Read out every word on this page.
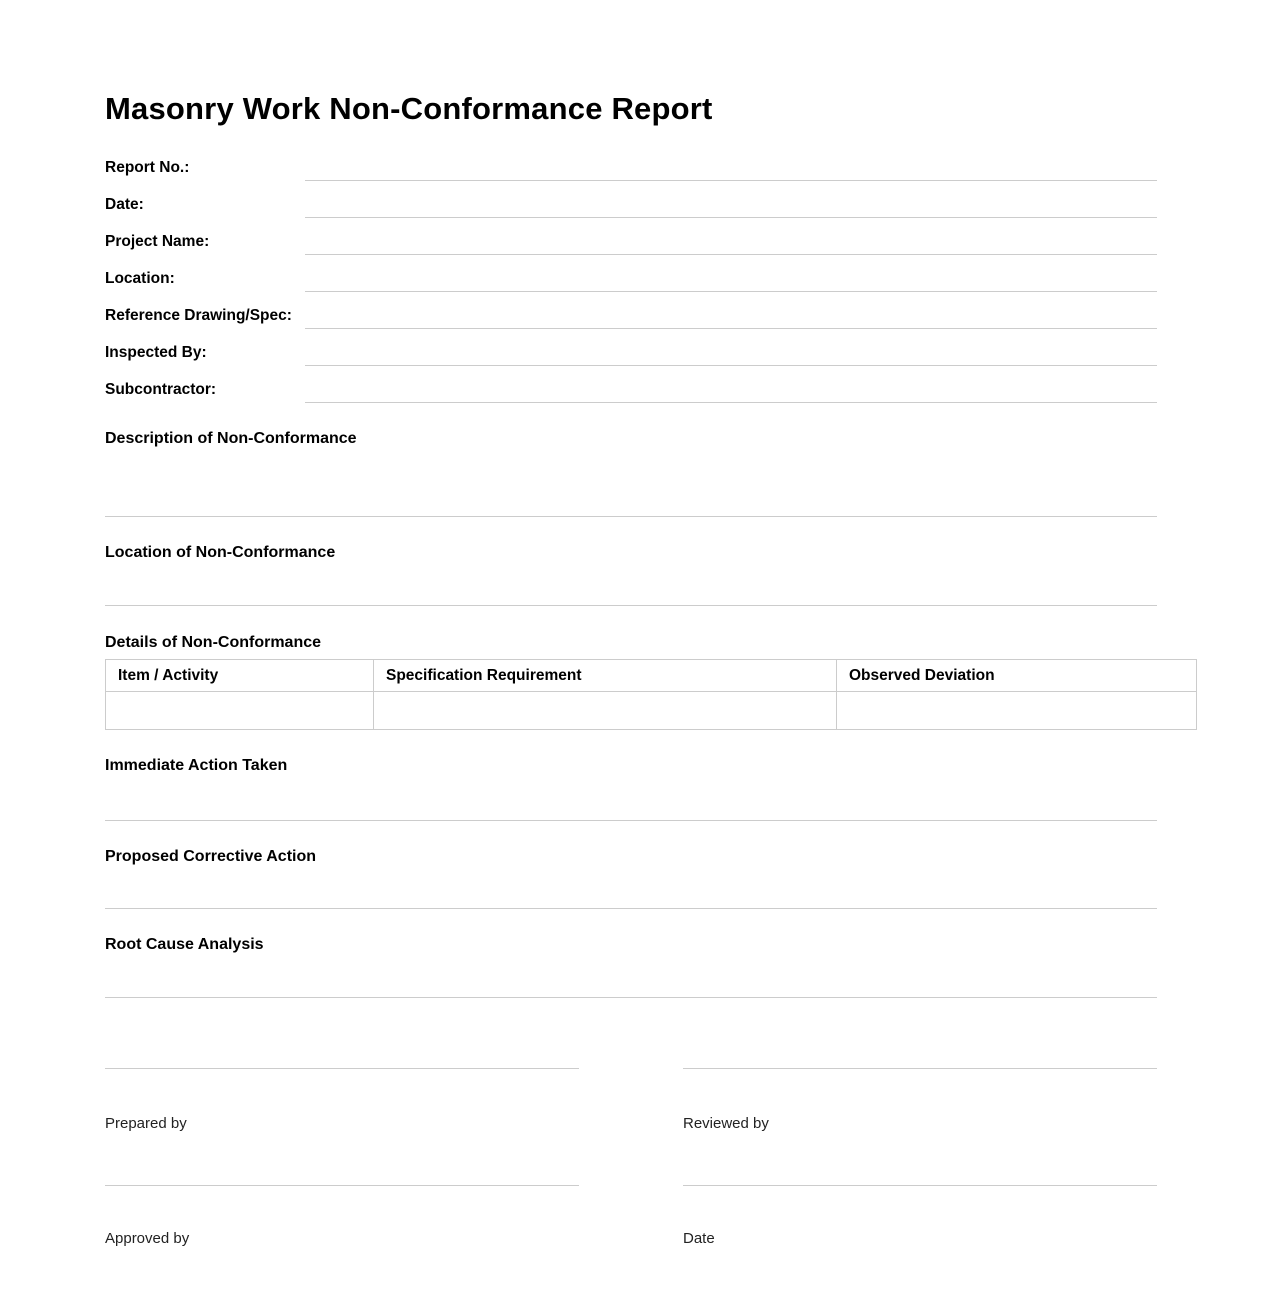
Masonry Work Non-Conformance Report
Report No.:
Date:
Project Name:
Location:
Reference Drawing/Spec:
Inspected By:
Subcontractor:
Description of Non-Conformance
Location of Non-Conformance
Details of Non-Conformance
Item / Activity	Specification Requirement	Observed Deviation

Immediate Action Taken
Proposed Corrective Action
Root Cause Analysis
Prepared by	Reviewed by
Approved by	Date
